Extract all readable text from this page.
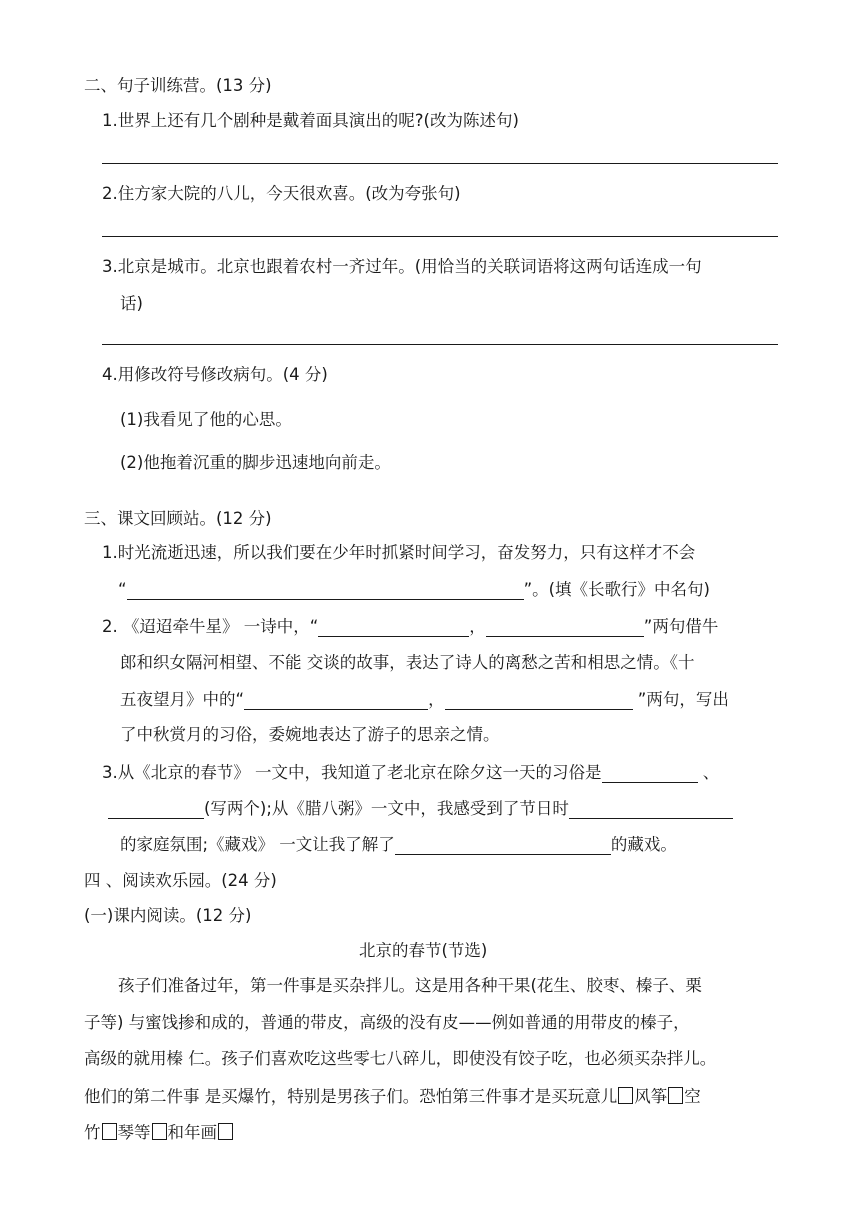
二、句子训练营。(13 分)
1.世界上还有几个剧种是戴着面具演出的呢?(改为陈述句)
2.住方家大院的八儿，今天很欢喜。(改为夸张句)
3.北京是城市。北京也跟着农村一齐过年。(用恰当的关联词语将这两句话连成一句
话)
4.用修改符号修改病句。(4 分)
(1)我看见了他的心思。
(2)他拖着沉重的脚步迅速地向前走。
三、课文回顾站。(12 分)
1.时光流逝迅速，所以我们要在少年时抓紧时间学习，奋发努力，只有这样才不会
“	”。(填《长歌行》中名句)
2. 《迢迢牵牛星》 一诗中，“	，	”两句借牛
郎和织女隔河相望、不能 交谈的故事，表达了诗人的离愁之苦和相思之情。《十
五夜望月》中的“	，	”两句，写出
了中秋赏月的习俗，委婉地表达了游子的思亲之情。
3.从《北京的春节》 一文中，我知道了老北京在除夕这一天的习俗是	、
(写两个);从《腊八粥》一文中，我感受到了节日时
的家庭氛围;《藏戏》 一文让我了解了	的藏戏。
四 、阅读欢乐园。(24 分)
(一)课内阅读。(12 分)
北京的春节(节选)
孩子们准备过年，第一件事是买杂拌儿。这是用各种干果(花生、胶枣、榛子、栗
子等) 与蜜饯掺和成的，普通的带皮，高级的没有皮——例如普通的用带皮的榛子，
高级的就用榛 仁。孩子们喜欢吃这些零七八碎儿，即使没有饺子吃，也必须买杂拌儿。
他们的第二件事 是买爆竹，特别是男孩子们。恐怕第三件事才是买玩意儿 风筝 空
竹 琴等 和年画
